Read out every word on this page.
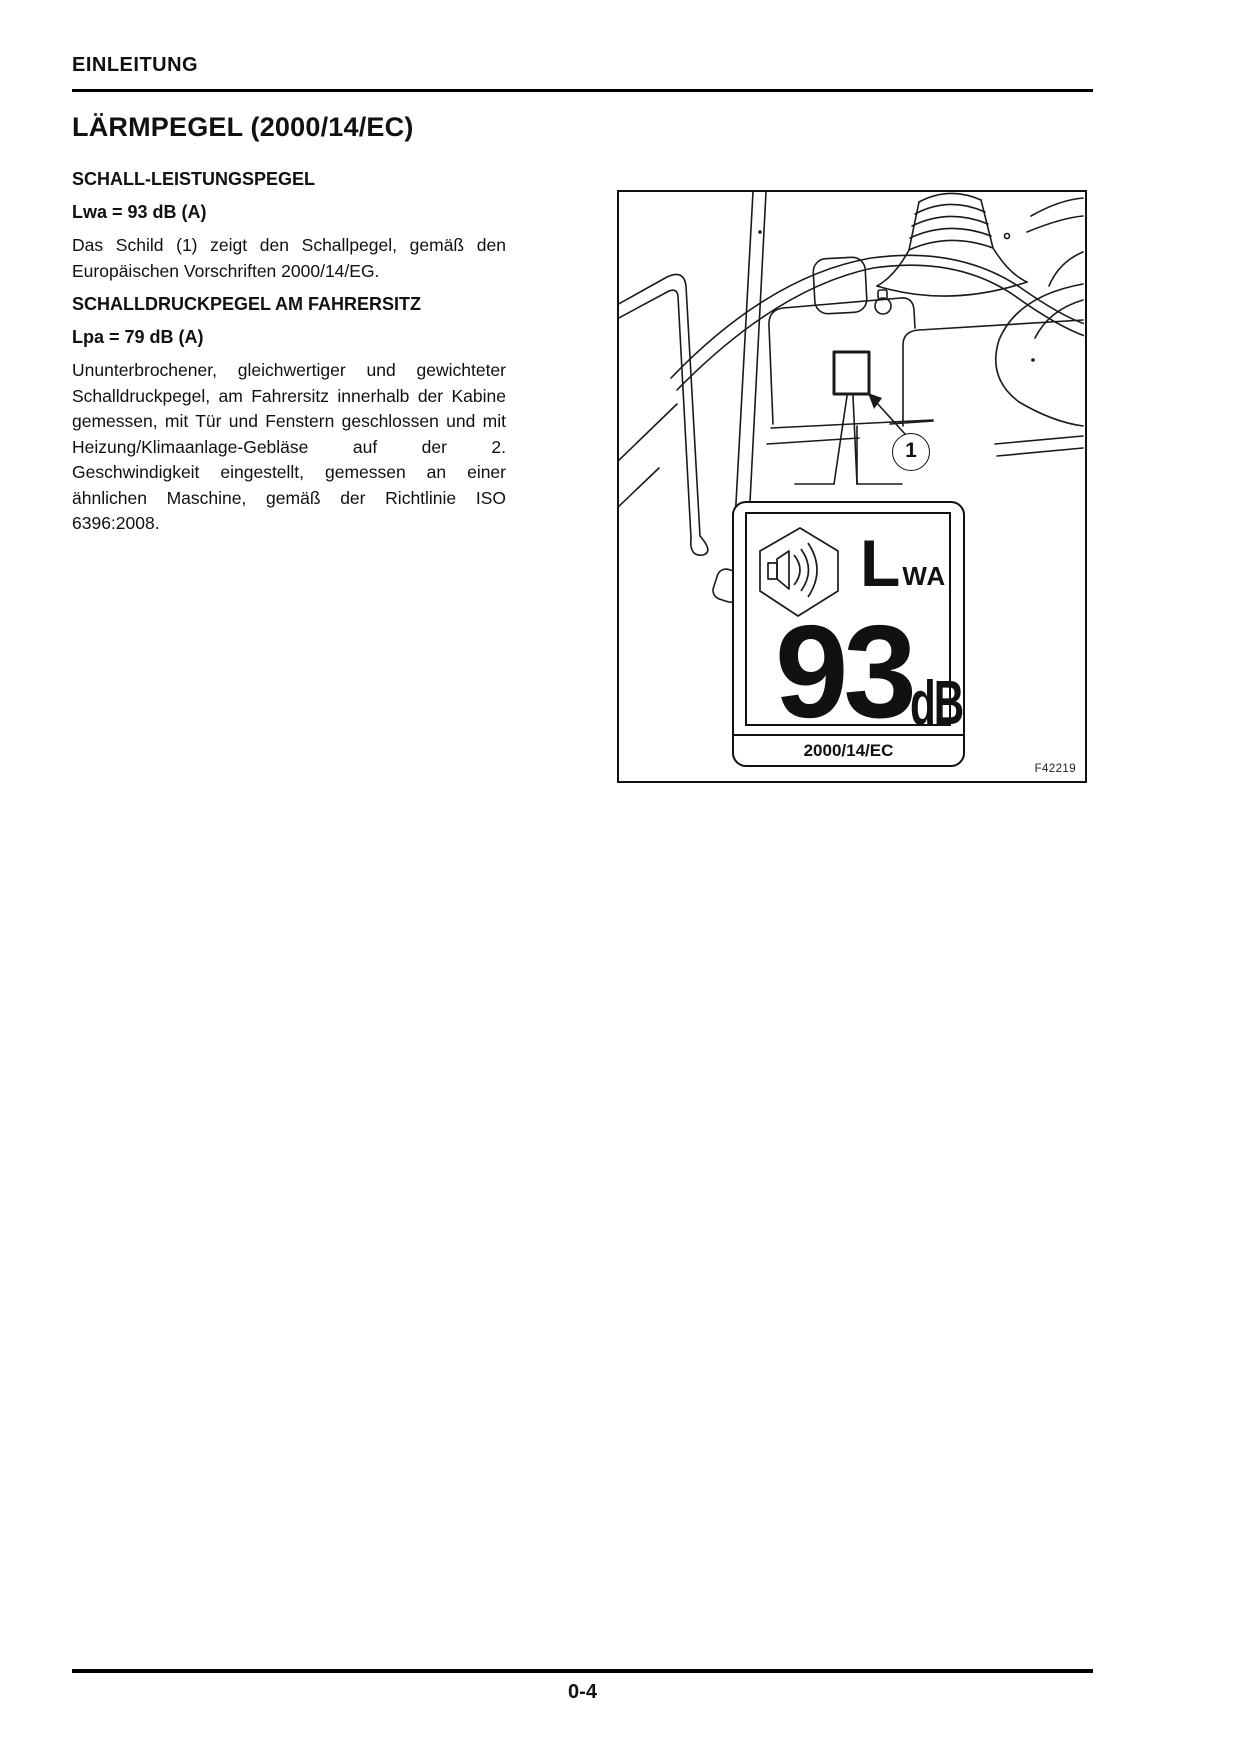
EINLEITUNG
LÄRMPEGEL (2000/14/EC)
SCHALL-LEISTUNGSPEGEL
Lwa = 93 dB (A)

Das Schild (1) zeigt den Schallpegel, gemäß den Europäischen Vorschriften 2000/14/EG.

SCHALLDRUCKPEGEL AM FAHRERSITZ
Lpa = 79 dB (A)

Ununterbrochener, gleichwertiger und gewichteter Schalldruckpegel, am Fahrersitz innerhalb der Kabine gemessen, mit Tür und Fenstern geschlossen und mit Heizung/Klimaanlage-Gebläse auf der 2. Geschwindigkeit eingestellt, gemessen an einer ähnlichen Maschine, gemäß der Richtlinie ISO 6396:2008.

1
L WA
93
dB
2000/14/EC
F42219
0-4
